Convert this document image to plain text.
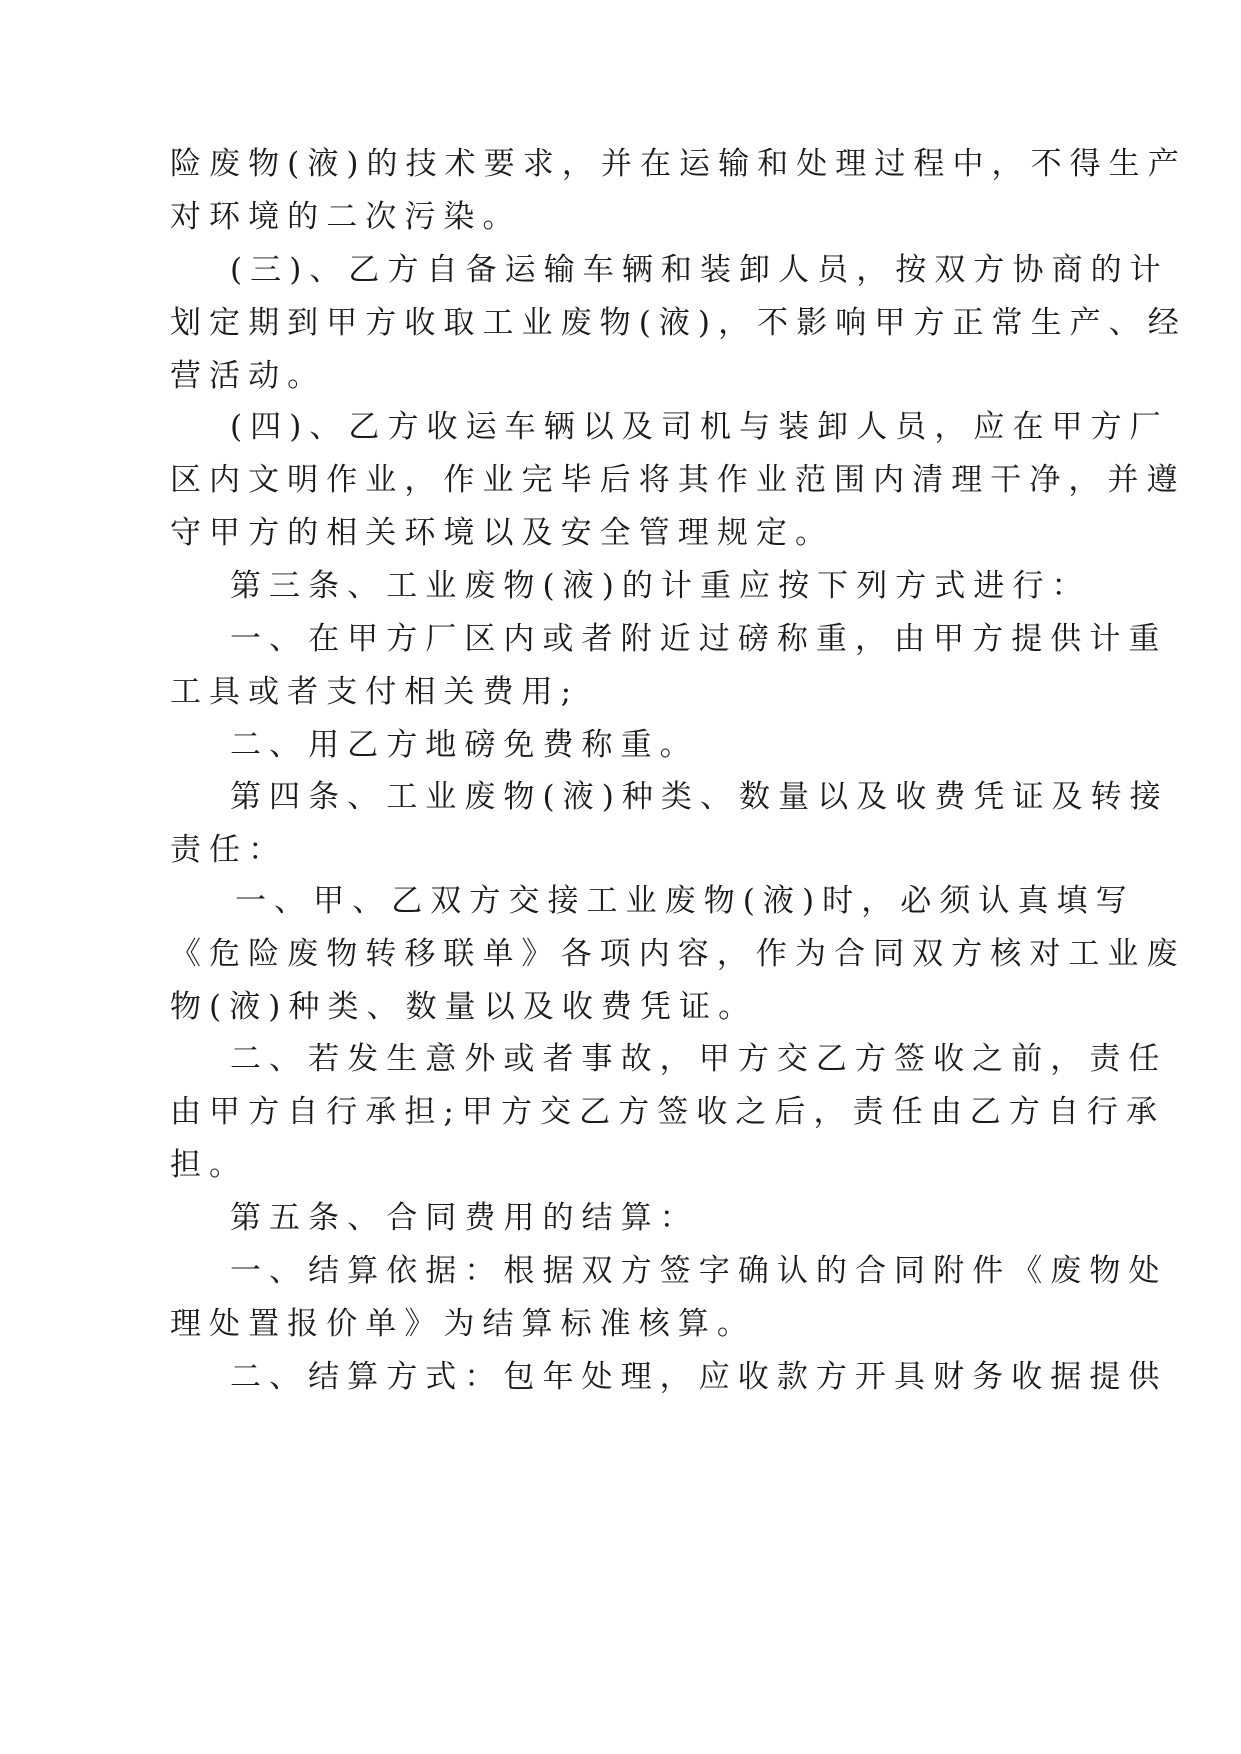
险废物(液)的技术要求，并在运输和处理过程中，不得生产
对环境的二次污染。
(三)、乙方自备运输车辆和装卸人员，按双方协商的计
划定期到甲方收取工业废物(液)，不影响甲方正常生产、经
营活动。
(四)、乙方收运车辆以及司机与装卸人员，应在甲方厂
区内文明作业，作业完毕后将其作业范围内清理干净，并遵
守甲方的相关环境以及安全管理规定。
第三条、工业废物(液)的计重应按下列方式进行：
一、在甲方厂区内或者附近过磅称重，由甲方提供计重
工具或者支付相关费用;
二、用乙方地磅免费称重。
第四条、工业废物(液)种类、数量以及收费凭证及转接
责任：
一、甲、乙双方交接工业废物(液)时，必须认真填写
《危险废物转移联单》各项内容，作为合同双方核对工业废
物(液)种类、数量以及收费凭证。
二、若发生意外或者事故，甲方交乙方签收之前，责任
由甲方自行承担;甲方交乙方签收之后，责任由乙方自行承
担。
第五条、合同费用的结算：
一、结算依据：根据双方签字确认的合同附件《废物处
理处置报价单》为结算标准核算。
二、结算方式：包年处理，应收款方开具财务收据提供
